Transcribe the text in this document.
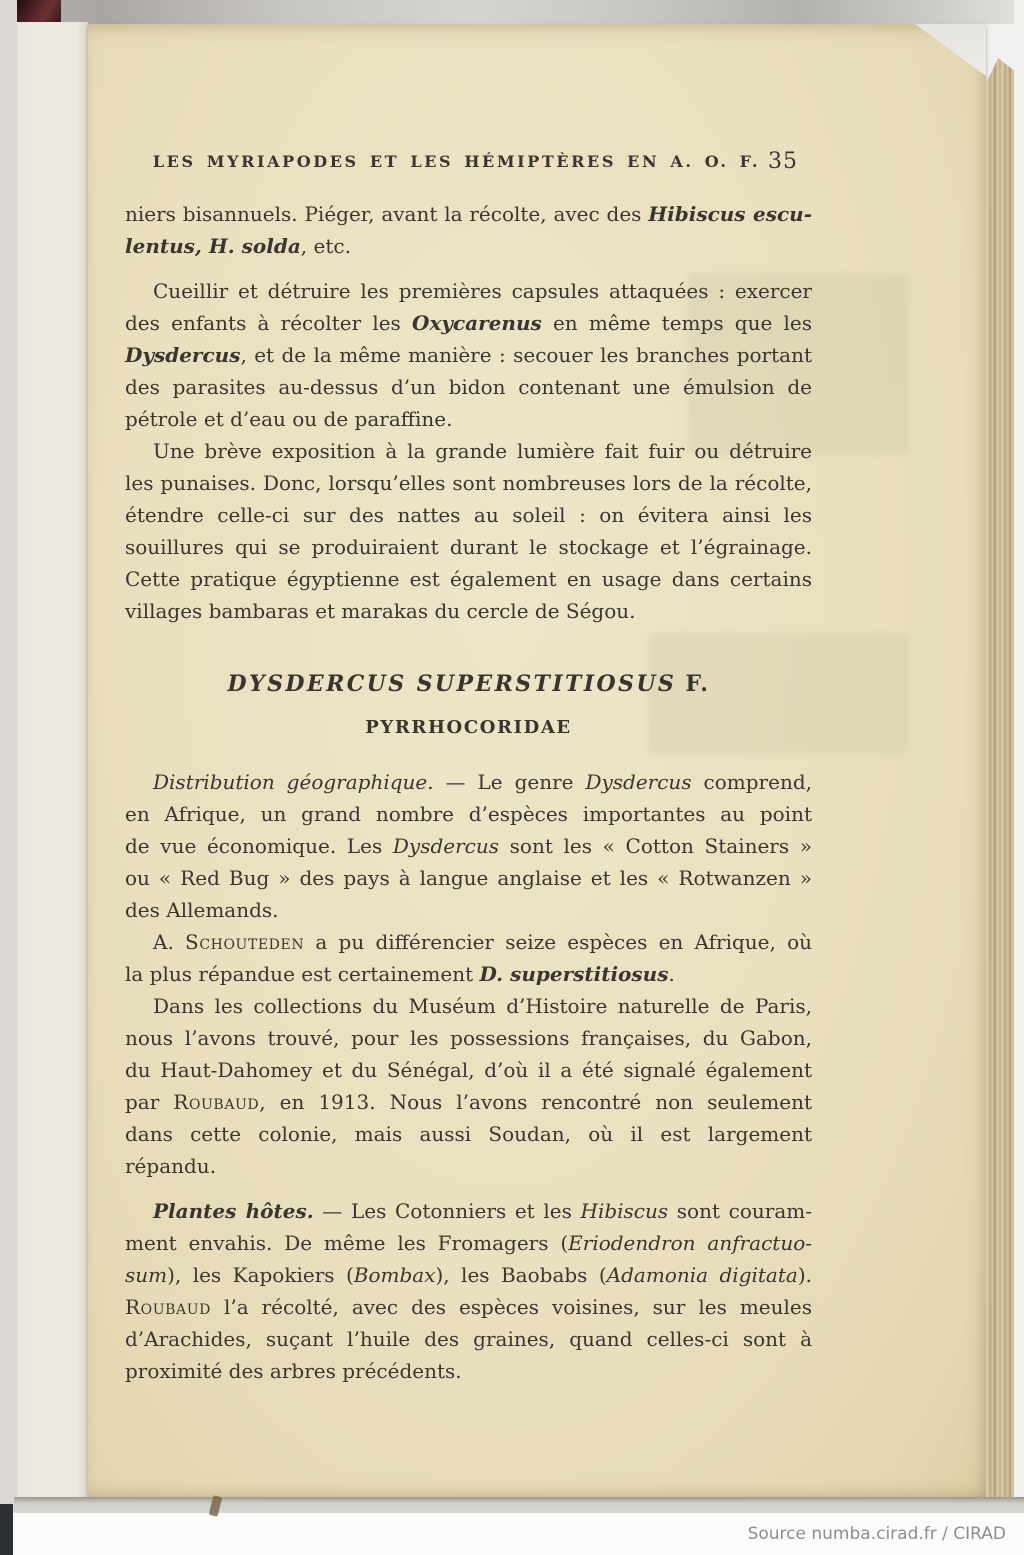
LES MYRIAPODES ET LES HÉMIPTÈRES EN A. O. F. 35
niers bisannuels. Piéger, avant la récolte, avec des Hibiscus escu-
lentus, H. solda, etc.
Cueillir et détruire les premières capsules attaquées : exercer
des enfants à récolter les Oxycarenus en même temps que les
Dysdercus, et de la même manière : secouer les branches portant
des parasites au-dessus d’un bidon contenant une émulsion de
pétrole et d’eau ou de paraffine.
Une brève exposition à la grande lumière fait fuir ou détruire
les punaises. Donc, lorsqu’elles sont nombreuses lors de la récolte,
étendre celle-ci sur des nattes au soleil : on évitera ainsi les
souillures qui se produiraient durant le stockage et l’égrainage.
Cette pratique égyptienne est également en usage dans certains
villages bambaras et marakas du cercle de Ségou.
DYSDERCUS SUPERSTITIOSUS F.
PYRRHOCORIDAE
Distribution géographique. — Le genre Dysdercus comprend,
en Afrique, un grand nombre d’espèces importantes au point
de vue économique. Les Dysdercus sont les « Cotton Stainers »
ou « Red Bug » des pays à langue anglaise et les « Rotwanzen »
des Allemands.
A. Schouteden a pu différencier seize espèces en Afrique, où
la plus répandue est certainement D. superstitiosus.
Dans les collections du Muséum d’Histoire naturelle de Paris,
nous l’avons trouvé, pour les possessions françaises, du Gabon,
du Haut-Dahomey et du Sénégal, d’où il a été signalé également
par Roubaud, en 1913. Nous l’avons rencontré non seulement
dans cette colonie, mais aussi Soudan, où il est largement
répandu.
Plantes hôtes. — Les Cotonniers et les Hibiscus sont couram-
ment envahis. De même les Fromagers (Eriodendron anfractuo-
sum), les Kapokiers (Bombax), les Baobabs (Adamonia digitata).
Roubaud l’a récolté, avec des espèces voisines, sur les meules
d’Arachides, suçant l’huile des graines, quand celles-ci sont à
proximité des arbres précédents.
Source numba.cirad.fr / CIRAD
